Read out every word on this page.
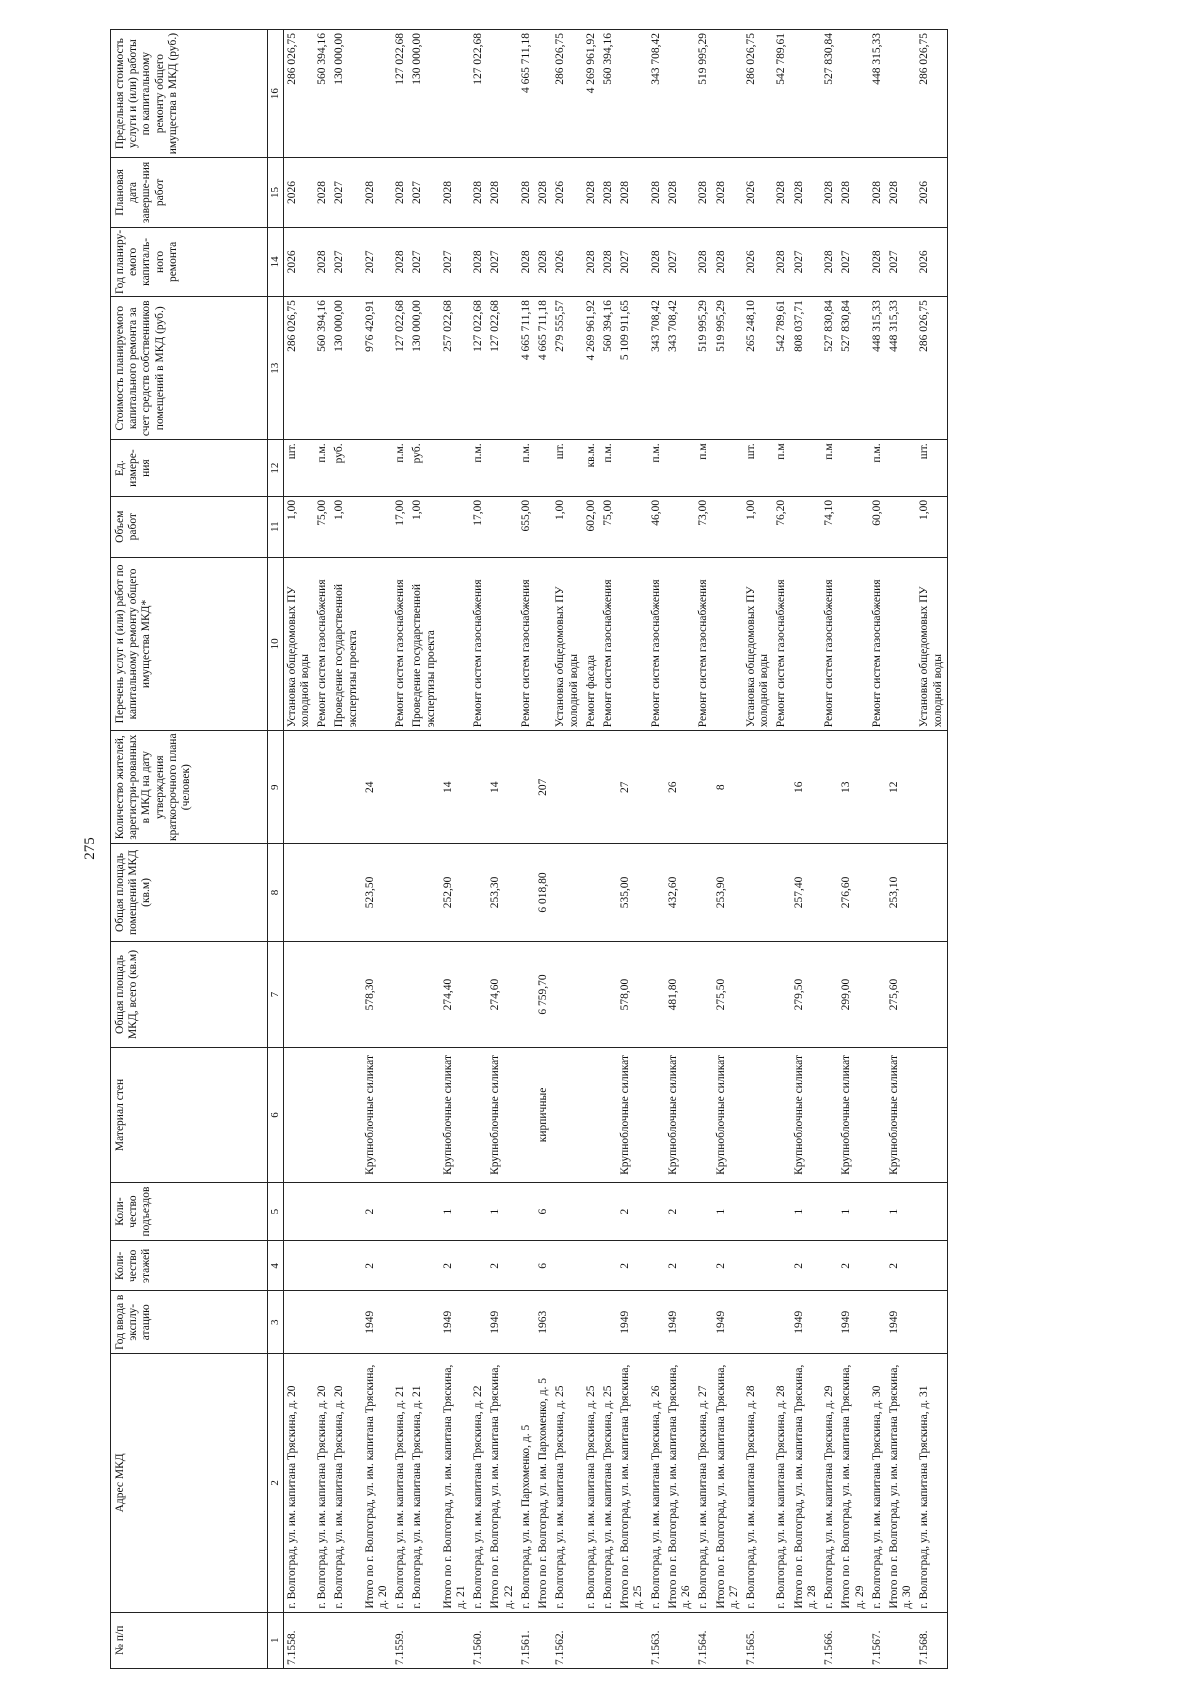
275
№ п/п	Адрес МКД	Год ввода в эксплу-атацию	Коли-чество этажей	Коли-чество подъездов	Материал стен	Общая площадь МКД, всего (кв.м)	Общая площадь помещений МКД (кв.м)	Количество жителей, зарегистри-рованных в МКД на дату утверждения краткосрочного плана (человек)	Перечень услуг и (или) работ по капитальному ремонту общего имущества МКД*	Объем работ	Ед. измере-ния	Стоимость планируемого капитального ремонта за счет средств собственников помещений в МКД (руб.)	Год планиру-емого капиталь-ного ремонта	Плановая дата заверше-ния работ	Предельная стоимость услуги и (или) работы по капитальному ремонту общего имущества в МКД (руб.)
1	2	3	4	5	6	7	8	9	10	11	12	13	14	15	16
7.1558.	г. Волгоград, ул. им. капитана Тряскина, д. 20								Установка общедомовых ПУ холодной воды	1,00	шт.	286 026,75	2026	2026	286 026,75
	г. Волгоград, ул. им. капитана Тряскина, д. 20								Ремонт систем газоснабжения	75,00	п.м.	560 394,16	2028	2028	560 394,16
	г. Волгоград, ул. им. капитана Тряскина, д. 20								Проведение государственной экспертизы проекта	1,00	руб.	130 000,00	2027	2027	130 000,00
	Итого по г. Волгоград, ул. им. капитана Тряскина, д. 20	1949	2	2	Крупноблочные силикат	578,30	523,50	24				976 420,91	2027	2028	
7.1559.	г. Волгоград, ул. им. капитана Тряскина, д. 21								Ремонт систем газоснабжения	17,00	п.м.	127 022,68	2028	2028	127 022,68
	г. Волгоград, ул. им. капитана Тряскина, д. 21								Проведение государственной экспертизы проекта	1,00	руб.	130 000,00	2027	2027	130 000,00
	Итого по г. Волгоград, ул. им. капитана Тряскина, д. 21	1949	2	1	Крупноблочные силикат	274,40	252,90	14				257 022,68	2027	2028	
7.1560.	г. Волгоград, ул. им. капитана Тряскина, д. 22								Ремонт систем газоснабжения	17,00	п.м.	127 022,68	2028	2028	127 022,68
	Итого по г. Волгоград, ул. им. капитана Тряскина, д. 22	1949	2	1	Крупноблочные силикат	274,60	253,30	14				127 022,68	2027	2028	
7.1561.	г. Волгоград, ул. им. Пархоменко, д. 5								Ремонт систем газоснабжения	655,00	п.м.	4 665 711,18	2028	2028	4 665 711,18
	Итого по г. Волгоград, ул. им. Пархоменко, д. 5	1963	6	6	кирпичные	6 759,70	6 018,80	207				4 665 711,18	2028	2028	
7.1562.	г. Волгоград, ул. им. капитана Тряскина, д. 25								Установка общедомовых ПУ холодной воды	1,00	шт.	279 555,57	2026	2026	286 026,75
	г. Волгоград, ул. им. капитана Тряскина, д. 25								Ремонт фасада	602,00	кв.м.	4 269 961,92	2028	2028	4 269 961,92
	г. Волгоград, ул. им. капитана Тряскина, д. 25								Ремонт систем газоснабжения	75,00	п.м.	560 394,16	2028	2028	560 394,16
	Итого по г. Волгоград, ул. им. капитана Тряскина, д. 25	1949	2	2	Крупноблочные силикат	578,00	535,00	27				5 109 911,65	2027	2028	
7.1563.	г. Волгоград, ул. им. капитана Тряскина, д. 26								Ремонт систем газоснабжения	46,00	п.м.	343 708,42	2028	2028	343 708,42
	Итого по г. Волгоград, ул. им. капитана Тряскина, д. 26	1949	2	2	Крупноблочные силикат	481,80	432,60	26				343 708,42	2027	2028	
7.1564.	г. Волгоград, ул. им. капитана Тряскина, д. 27								Ремонт систем газоснабжения	73,00	п.м	519 995,29	2028	2028	519 995,29
	Итого по г. Волгоград, ул. им. капитана Тряскина, д. 27	1949	2	1	Крупноблочные силикат	275,50	253,90	8				519 995,29	2028	2028	
7.1565.	г. Волгоград, ул. им. капитана Тряскина, д. 28								Установка общедомовых ПУ холодной воды	1,00	шт.	265 248,10	2026	2026	286 026,75
	г. Волгоград, ул. им. капитана Тряскина, д. 28								Ремонт систем газоснабжения	76,20	п.м	542 789,61	2028	2028	542 789,61
	Итого по г. Волгоград, ул. им. капитана Тряскина, д. 28	1949	2	1	Крупноблочные силикат	279,50	257,40	16				808 037,71	2027	2028	
7.1566.	г. Волгоград, ул. им. капитана Тряскина, д. 29								Ремонт систем газоснабжения	74,10	п.м	527 830,84	2028	2028	527 830,84
	Итого по г. Волгоград, ул. им. капитана Тряскина, д. 29	1949	2	1	Крупноблочные силикат	299,00	276,60	13				527 830,84	2027	2028	
7.1567.	г. Волгоград, ул. им. капитана Тряскина, д. 30								Ремонт систем газоснабжения	60,00	п.м.	448 315,33	2028	2028	448 315,33
	Итого по г. Волгоград, ул. им. капитана Тряскина, д. 30	1949	2	1	Крупноблочные силикат	275,60	253,10	12				448 315,33	2027	2028	
7.1568.	г. Волгоград, ул. им. капитана Тряскина, д. 31								Установка общедомовых ПУ холодной воды	1,00	шт.	286 026,75	2026	2026	286 026,75
